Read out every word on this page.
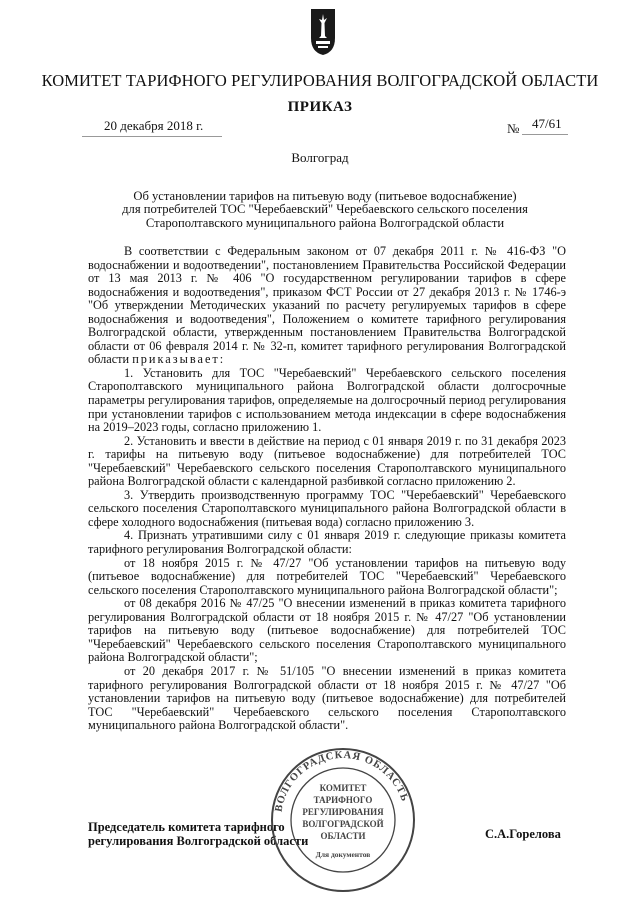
КОМИТЕТ ТАРИФНОГО РЕГУЛИРОВАНИЯ ВОЛГОГРАДСКОЙ ОБЛАСТИ
ПРИКАЗ
20 декабря 2018 г.	№ 47/61
Волгоград
Об установлении тарифов на питьевую воду (питьевое водоснабжение)
для потребителей ТОС "Черебаевский" Черебаевского сельского поселения
Старополтавского муниципального района Волгоградской области

В соответствии с Федеральным законом от 07 декабря 2011 г. № 416-ФЗ "О водоснабжении и водоотведении", постановлением Правительства Российской Федерации от 13 мая 2013 г. № 406 "О государственном регулировании тарифов в сфере водоснабжения и водоотведения", приказом ФСТ России от 27 декабря 2013 г. № 1746-э "Об утверждении Методических указаний по расчету регулируемых тарифов в сфере водоснабжения и водоотведения", Положением о комитете тарифного регулирования Волгоградской области, утвержденным постановлением Правительства Волгоградской области от 06 февраля 2014 г. № 32-п, комитет тарифного регулирования Волгоградской области приказывает:

1. Установить для ТОС "Черебаевский" Черебаевского сельского поселения Старополтавского муниципального района Волгоградской области долгосрочные параметры регулирования тарифов, определяемые на долгосрочный период регулирования при установлении тарифов с использованием метода индексации в сфере водоснабжения на 2019–2023 годы, согласно приложению 1.

2. Установить и ввести в действие на период с 01 января 2019 г. по 31 декабря 2023 г. тарифы на питьевую воду (питьевое водоснабжение) для потребителей ТОС "Черебаевский" Черебаевского сельского поселения Старополтавского муниципального района Волгоградской области с календарной разбивкой согласно приложению 2.

3. Утвердить производственную программу ТОС "Черебаевский" Черебаевского сельского поселения Старополтавского муниципального района Волгоградской области в сфере холодного водоснабжения (питьевая вода) согласно приложению 3.

4. Признать утратившими силу с 01 января 2019 г. следующие приказы комитета тарифного регулирования Волгоградской области:

от 18 ноября 2015 г. № 47/27 "Об установлении тарифов на питьевую воду (питьевое водоснабжение) для потребителей ТОС "Черебаевский" Черебаевского сельского поселения Старополтавского муниципального района Волгоградской области";

от 08 декабря 2016 № 47/25 "О внесении изменений в приказ комитета тарифного регулирования Волгоградской области от 18 ноября 2015 г. № 47/27 "Об установлении тарифов на питьевую воду (питьевое водоснабжение) для потребителей ТОС "Черебаевский" Черебаевского сельского поселения Старополтавского муниципального района Волгоградской области";

от 20 декабря 2017 г. № 51/105 "О внесении изменений в приказ комитета тарифного регулирования Волгоградской области от 18 ноября 2015 г. № 47/27 "Об установлении тарифов на питьевую воду (питьевое водоснабжение) для потребителей ТОС "Черебаевский" Черебаевского сельского поселения Старополтавского муниципального района Волгоградской области".

Председатель комитета тарифного
регулирования Волгоградской области	С.А.Горелова
ВОЛГОГРАДСКАЯ ОБЛАСТЬ
КОМИТЕТ
ТАРИФНОГО
РЕГУЛИРОВАНИЯ
ВОЛГОГРАДСКОЙ
ОБЛАСТИ
Для документов
